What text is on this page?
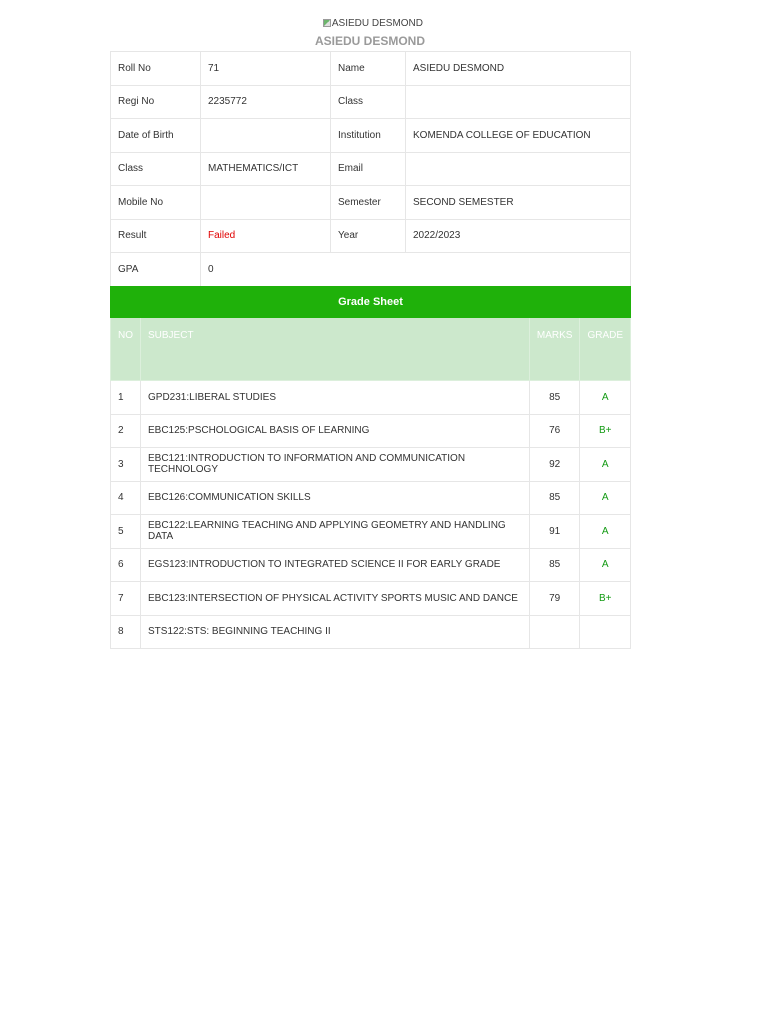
ASIEDU DESMOND
ASIEDU DESMOND
Roll No	71	Name	ASIEDU DESMOND
Regi No	2235772	Class	
Date of Birth		Institution	KOMENDA COLLEGE OF EDUCATION
Class	MATHEMATICS/ICT	Email	
Mobile No		Semester	SECOND SEMESTER
Result	Failed	Year	2022/2023
GPA	0		
Grade Sheet			
NO	SUBJECT	MARKS	GRADE
1	GPD231:LIBERAL STUDIES	85	A
2	EBC125:PSCHOLOGICAL BASIS OF LEARNING	76	B+
3	EBC121:INTRODUCTION TO INFORMATION AND COMMUNICATION TECHNOLOGY	92	A
4	EBC126:COMMUNICATION SKILLS	85	A
5	EBC122:LEARNING TEACHING AND APPLYING GEOMETRY AND HANDLING DATA	91	A
6	EGS123:INTRODUCTION TO INTEGRATED SCIENCE II FOR EARLY GRADE	85	A
7	EBC123:INTERSECTION OF PHYSICAL ACTIVITY SPORTS MUSIC AND DANCE	79	B+
8	STS122:STS: BEGINNING TEACHING II		
